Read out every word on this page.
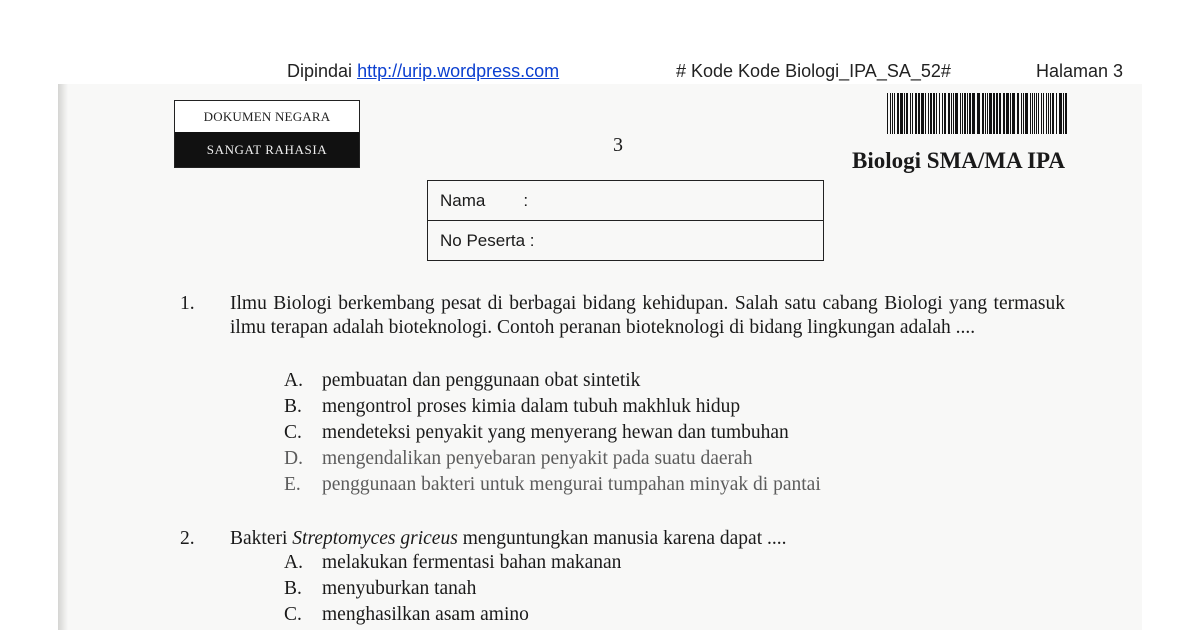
Dipindai http://urip.wordpress.com	# Kode Kode Biologi_IPA_SA_52#	Halaman 3
DOKUMEN NEGARA
SANGAT RAHASIA	3
Biologi SMA/MA IPA
Nama :
No Peserta :
1. Ilmu Biologi berkembang pesat di berbagai bidang kehidupan. Salah satu cabang Biologi yang termasuk ilmu terapan adalah bioteknologi. Contoh peranan bioteknologi di bidang lingkungan adalah ....
A. pembuatan dan penggunaan obat sintetik
B. mengontrol proses kimia dalam tubuh makhluk hidup
C. mendeteksi penyakit yang menyerang hewan dan tumbuhan
D. mengendalikan penyebaran penyakit pada suatu daerah
E. penggunaan bakteri untuk mengurai tumpahan minyak di pantai
2. Bakteri Streptomyces griceus menguntungkan manusia karena dapat ....
A. melakukan fermentasi bahan makanan
B. menyuburkan tanah
C. menghasilkan asam amino
